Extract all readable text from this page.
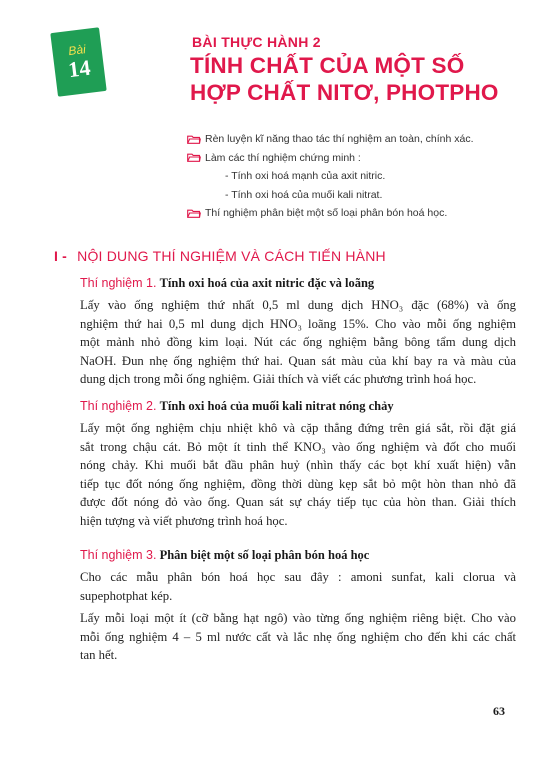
Bài
14
BÀI THỰC HÀNH 2
TÍNH CHẤT CỦA MỘT SỐ
HỢP CHẤT NITƠ, PHOTPHO
Rèn luyện kĩ năng thao tác thí nghiệm an toàn, chính xác.
Làm các thí nghiệm chứng minh :
- Tính oxi hoá mạnh của axit nitric.
- Tính oxi hoá của muối kali nitrat.
Thí nghiệm phân biệt một số loại phân bón hoá học.
I - NỘI DUNG THÍ NGHIỆM VÀ CÁCH TIẾN HÀNH
Thí nghiệm 1. Tính oxi hoá của axit nitric đặc và loãng
Lấy vào ống nghiệm thứ nhất 0,5 ml dung dịch HNO₃ đặc (68%) và ống
nghiệm thứ hai 0,5 ml dung dịch HNO₃ loãng 15%. Cho vào mỗi ống nghiệm
một mảnh nhỏ đồng kim loại. Nút các ống nghiệm bằng bông tẩm dung dịch
NaOH. Đun nhẹ ống nghiệm thứ hai. Quan sát màu của khí bay ra và màu của
dung dịch trong mỗi ống nghiệm. Giải thích và viết các phương trình hoá học.
Thí nghiệm 2. Tính oxi hoá của muối kali nitrat nóng chảy
Lấy một ống nghiệm chịu nhiệt khô và cặp thẳng đứng trên giá sắt, rồi đặt giá
sắt trong chậu cát. Bỏ một ít tinh thể KNO₃ vào ống nghiệm và đốt cho muối
nóng chảy. Khi muối bắt đầu phân huỷ (nhìn thấy các bọt khí xuất hiện) vẫn
tiếp tục đốt nóng ống nghiệm, đồng thời dùng kẹp sắt bỏ một hòn than nhỏ đã
được đốt nóng đỏ vào ống. Quan sát sự cháy tiếp tục của hòn than. Giải thích
hiện tượng và viết phương trình hoá học.
Thí nghiệm 3. Phân biệt một số loại phân bón hoá học
Cho các mẫu phân bón hoá học sau đây : amoni sunfat, kali clorua và
supephotphat kép.
Lấy mỗi loại một ít (cỡ bằng hạt ngô) vào từng ống nghiệm riêng biệt. Cho vào
mỗi ống nghiệm 4 – 5 ml nước cất và lắc nhẹ ống nghiệm cho đến khi các chất
tan hết.
63
